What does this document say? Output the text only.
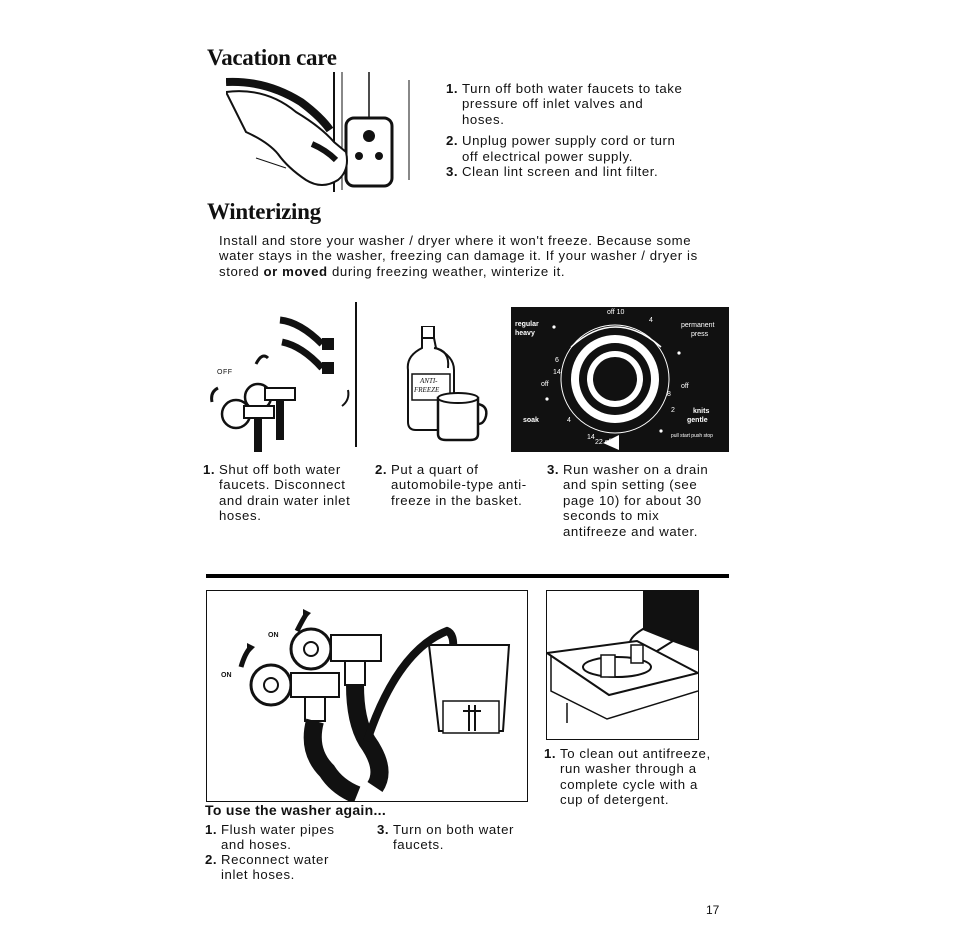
Vacation care
1. Turn off both water faucets to take pressure off inlet valves and hoses.
2. Unplug power supply cord or turn off electrical power supply.
3. Clean lint screen and lint filter.
Winterizing
Install and store your washer / dryer where it won't freeze. Because some water stays in the washer, freezing can damage it. If your washer / dryer is stored or moved during freezing weather, winterize it.
OFF
ANTI-
FREEZE
regular
heavy
off
soak
permanent
press
off
knits
gentle
off 10
22 off
4
6
14
8
2
4
14	pull start push stop
1. Shut off both water faucets. Disconnect and drain water inlet hoses.
2. Put a quart of automobile-type anti-freeze in the basket.
3. Run washer on a drain and spin setting (see page 10) for about 30 seconds to mix antifreeze and water.
ON
ON
To use the washer again...
1. Flush water pipes and hoses.
2. Reconnect water inlet hoses.
3. Turn on both water faucets.
1. To clean out antifreeze, run washer through a complete cycle with a cup of detergent.
17
